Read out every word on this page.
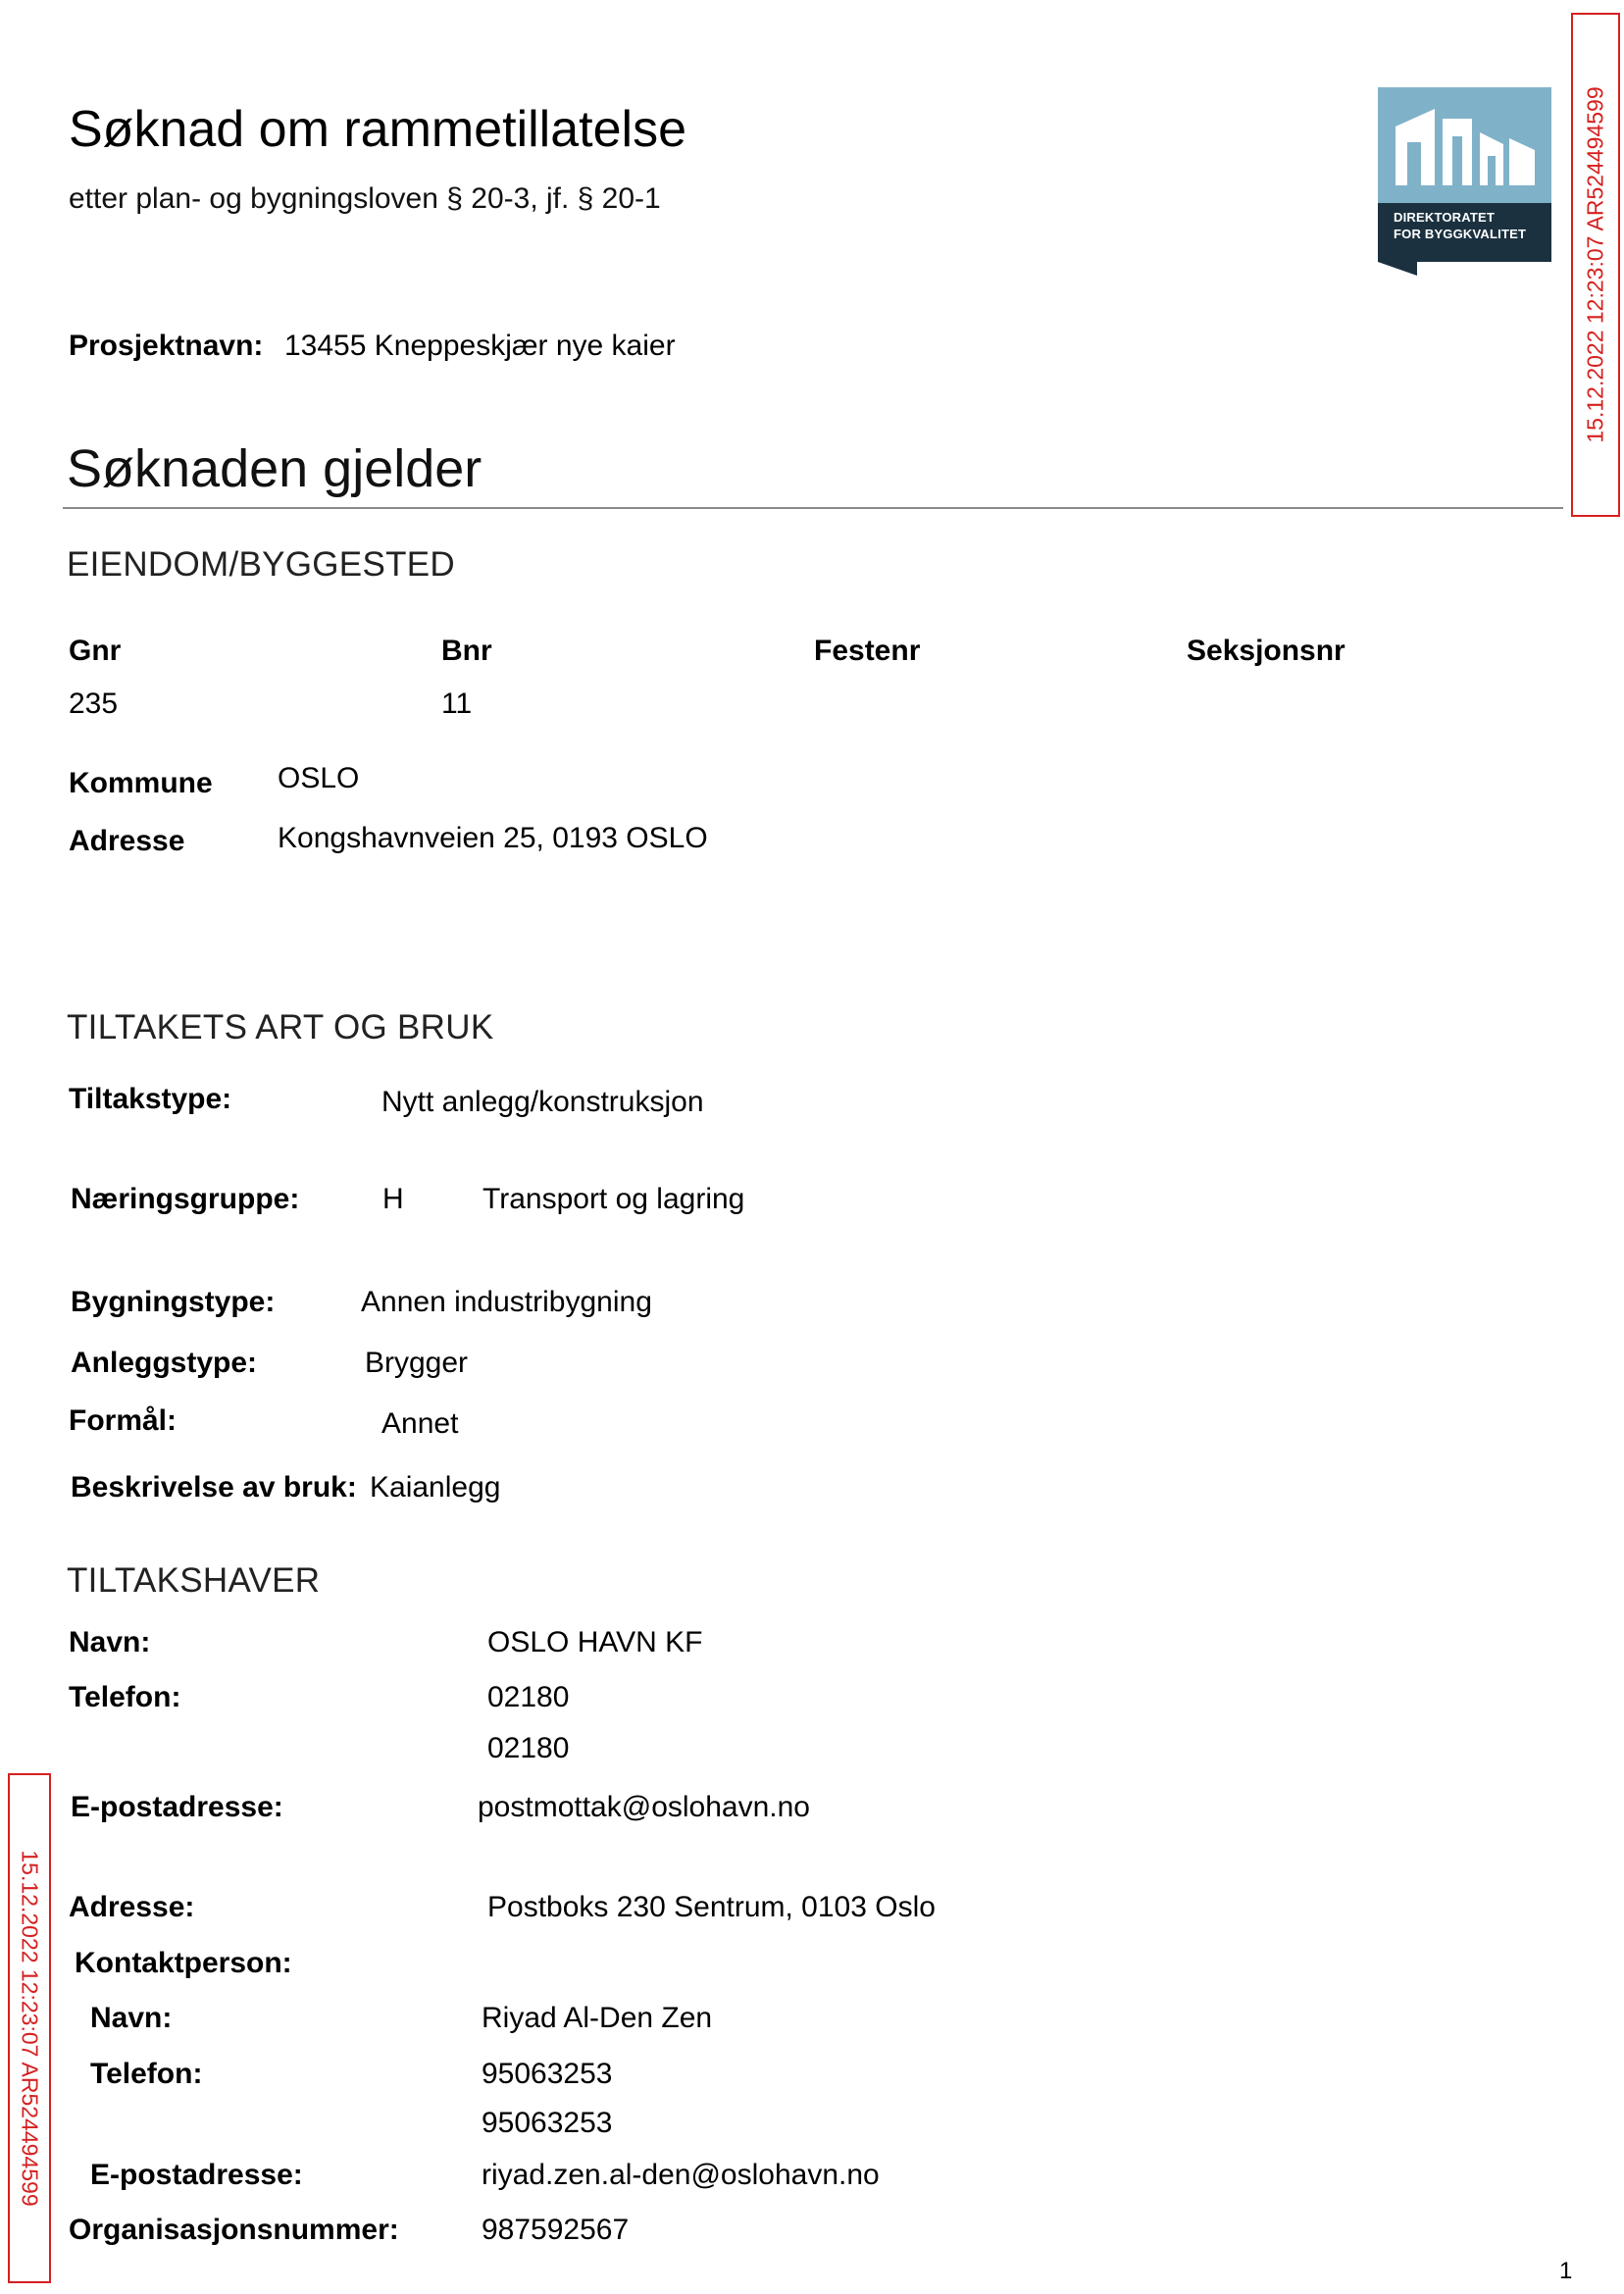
Søknad om rammetillatelse
etter plan- og bygningsloven § 20-3, jf. § 20-1
DIREKTORATET
FOR BYGGKVALITET
Prosjektnavn: 13455 Kneppeskjær nye kaier
Søknaden gjelder
EIENDOM/BYGGESTED
Gnr	Bnr	Festenr	Seksjonsnr
235	11
Kommune OSLO
Adresse	Kongshavnveien 25, 0193 OSLO
TILTAKETS ART OG BRUK
Tiltakstype:	Nytt anlegg/konstruksjon
Næringsgruppe:	H	Transport og lagring
Bygningstype:	Annen industribygning
Anleggstype:	Brygger
Formål:	Annet
Beskrivelse av bruk: Kaianlegg
TILTAKSHAVER
Navn:	OSLO HAVN KF
Telefon:	02180
02180
E-postadresse:	postmottak@oslohavn.no
Adresse:	Postboks 230 Sentrum, 0103 Oslo
Kontaktperson:
Navn:	Riyad Al-Den Zen
Telefon:	95063253
95063253
E-postadresse:	riyad.zen.al-den@oslohavn.no
Organisasjonsnummer:	987592567
15.12.2022 12:23:07 AR524494599
15.12.2022 12:23:07 AR524494599
1
